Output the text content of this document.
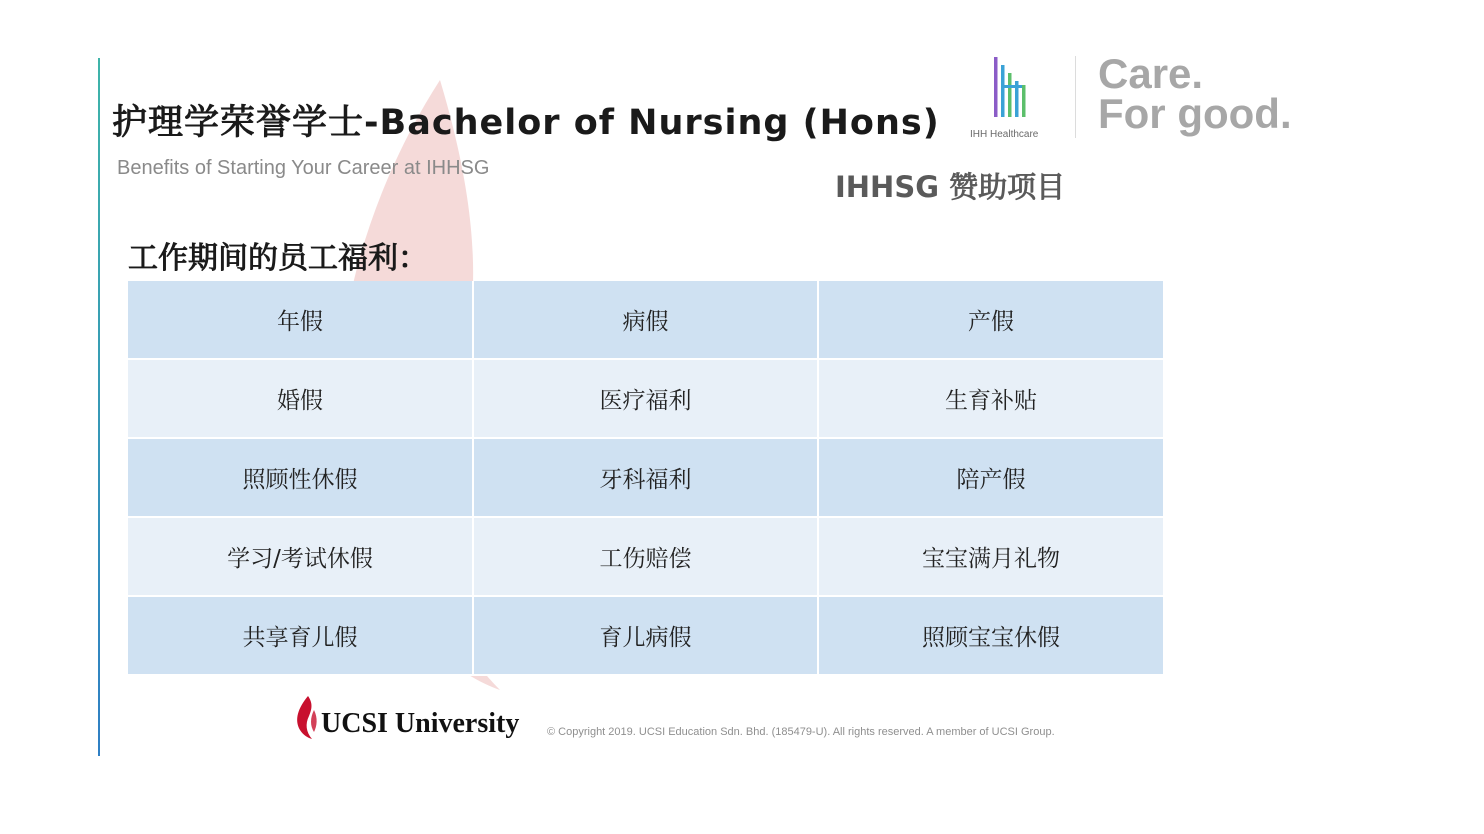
护理学荣誉学士-Bachelor of Nursing (Hons)
Benefits of Starting Your Career at IHHSG
IHH Healthcare
Care.
For good.
IHHSG 赞助项目
工作期间的员工福利：
年假	病假	产假
婚假	医疗福利	生育补贴
照顾性休假	牙科福利	陪产假
学习/考试休假	工伤赔偿	宝宝满月礼物
共享育儿假	育儿病假	照顾宝宝休假
UCSI University	© Copyright 2019. UCSI Education Sdn. Bhd. (185479-U). All rights reserved. A member of UCSI Group.
